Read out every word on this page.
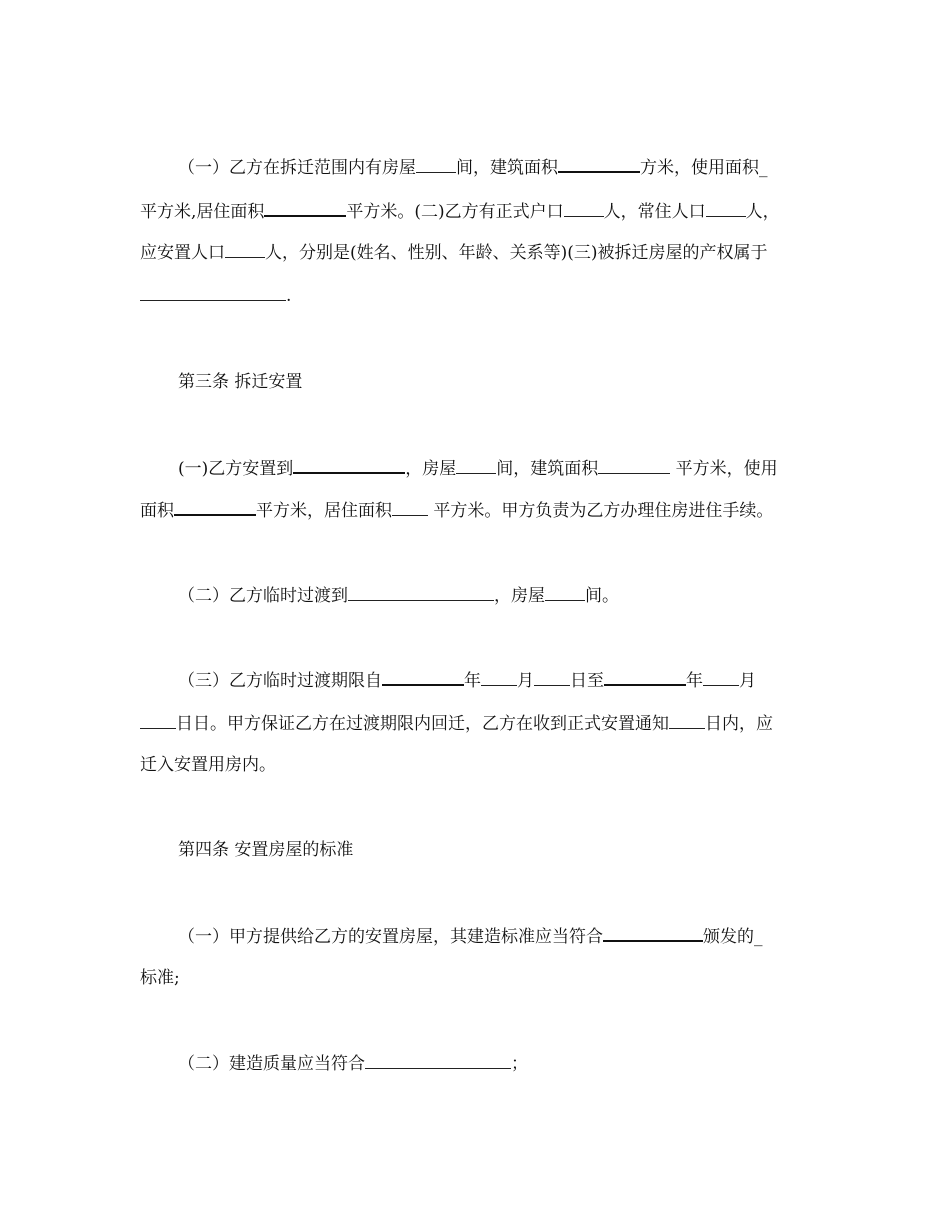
（一）乙方在拆迁范围内有房屋 间，建筑面积	方米，使用面积_

平方米,居住面积	平方米。(二)乙方有正式户口 人，常住人口 人，

应安置人口 人，分别是(姓名、性别、年龄、关系等)(三)被拆迁房屋的产权属于

.

第三条 拆迁安置

(一)乙方安置到	，房屋 间，建筑面积	平方米，使用

面积	平方米，居住面积 平方米。甲方负责为乙方办理住房进住手续。

（二）乙方临时过渡到	，房屋 间。

（三）乙方临时过渡期限自	年 月 日至	年 月

日日。甲方保证乙方在过渡期限内回迁，乙方在收到正式安置通知 日内，应

迁入安置用房内。

第四条 安置房屋的标准

（一）甲方提供给乙方的安置房屋，其建造标准应当符合	颁发的_

标准;

（二）建造质量应当符合	；
